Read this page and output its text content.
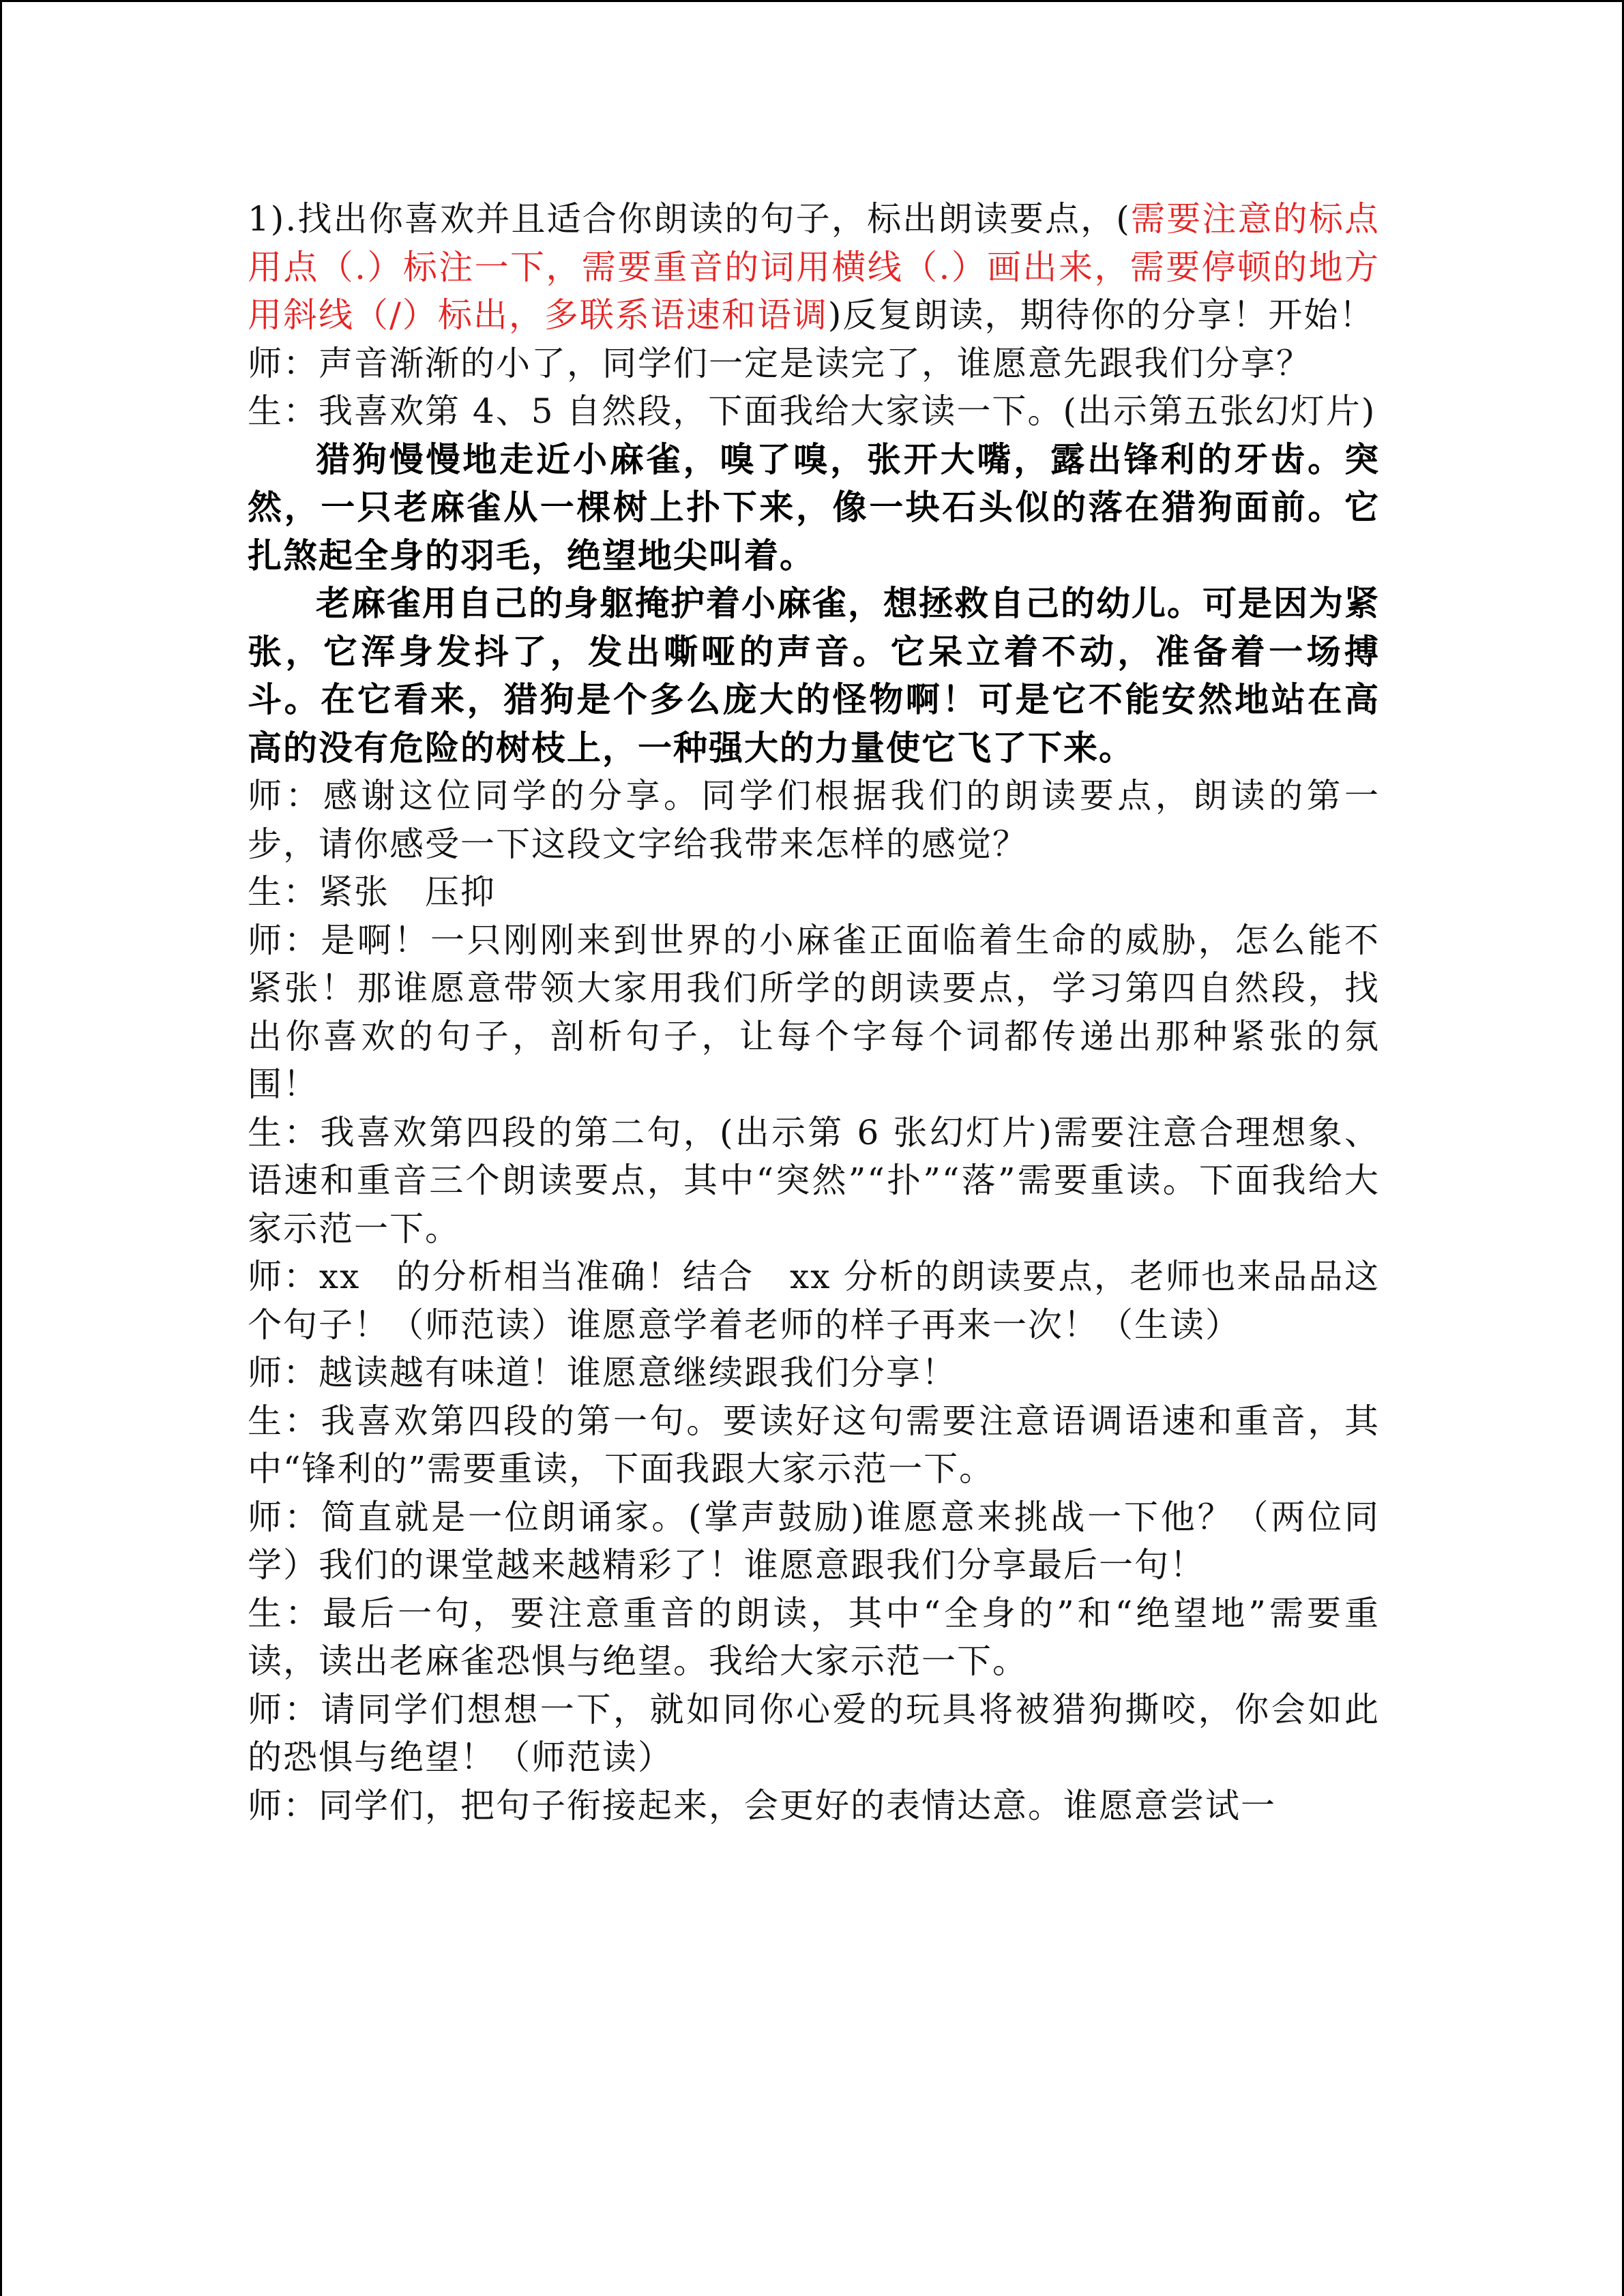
1).找出你喜欢并且适合你朗读的句子，标出朗读要点，(需要注意的标点用点（.）标注一下，需要重音的词用横线（.）画出来，需要停顿的地方用斜线（/）标出，多联系语速和语调)反复朗读，期待你的分享！开始！

师：声音渐渐的小了，同学们一定是读完了，谁愿意先跟我们分享？

生：我喜欢第 4、5 自然段，下面我给大家读一下。(出示第五张幻灯片)

猎狗慢慢地走近小麻雀，嗅了嗅，张开大嘴，露出锋利的牙齿。突然，一只老麻雀从一棵树上扑下来，像一块石头似的落在猎狗面前。它扎煞起全身的羽毛，绝望地尖叫着。

老麻雀用自己的身躯掩护着小麻雀，想拯救自己的幼儿。可是因为紧张，它浑身发抖了，发出嘶哑的声音。它呆立着不动，准备着一场搏斗。在它看来，猎狗是个多么庞大的怪物啊！可是它不能安然地站在高高的没有危险的树枝上，一种强大的力量使它飞了下来。

师：感谢这位同学的分享。同学们根据我们的朗读要点，朗读的第一步，请你感受一下这段文字给我带来怎样的感觉？

生：紧张　压抑

师：是啊！一只刚刚来到世界的小麻雀正面临着生命的威胁，怎么能不紧张！那谁愿意带领大家用我们所学的朗读要点，学习第四自然段，找出你喜欢的句子，剖析句子，让每个字每个词都传递出那种紧张的氛围！

生：我喜欢第四段的第二句，(出示第 6 张幻灯片)需要注意合理想象、语速和重音三个朗读要点，其中“突然”“扑”“落”需要重读。下面我给大家示范一下。

师：xx　的分析相当准确！结合　xx 分析的朗读要点，老师也来品品这个句子！（师范读）谁愿意学着老师的样子再来一次！（生读）

师：越读越有味道！谁愿意继续跟我们分享！

生：我喜欢第四段的第一句。要读好这句需要注意语调语速和重音，其中“锋利的”需要重读，下面我跟大家示范一下。

师：简直就是一位朗诵家。(掌声鼓励)谁愿意来挑战一下他？（两位同学）我们的课堂越来越精彩了！谁愿意跟我们分享最后一句！

生：最后一句，要注意重音的朗读，其中“全身的”和“绝望地”需要重读，读出老麻雀恐惧与绝望。我给大家示范一下。

师：请同学们想想一下，就如同你心爱的玩具将被猎狗撕咬，你会如此的恐惧与绝望！（师范读）

师：同学们，把句子衔接起来，会更好的表情达意。谁愿意尝试一
